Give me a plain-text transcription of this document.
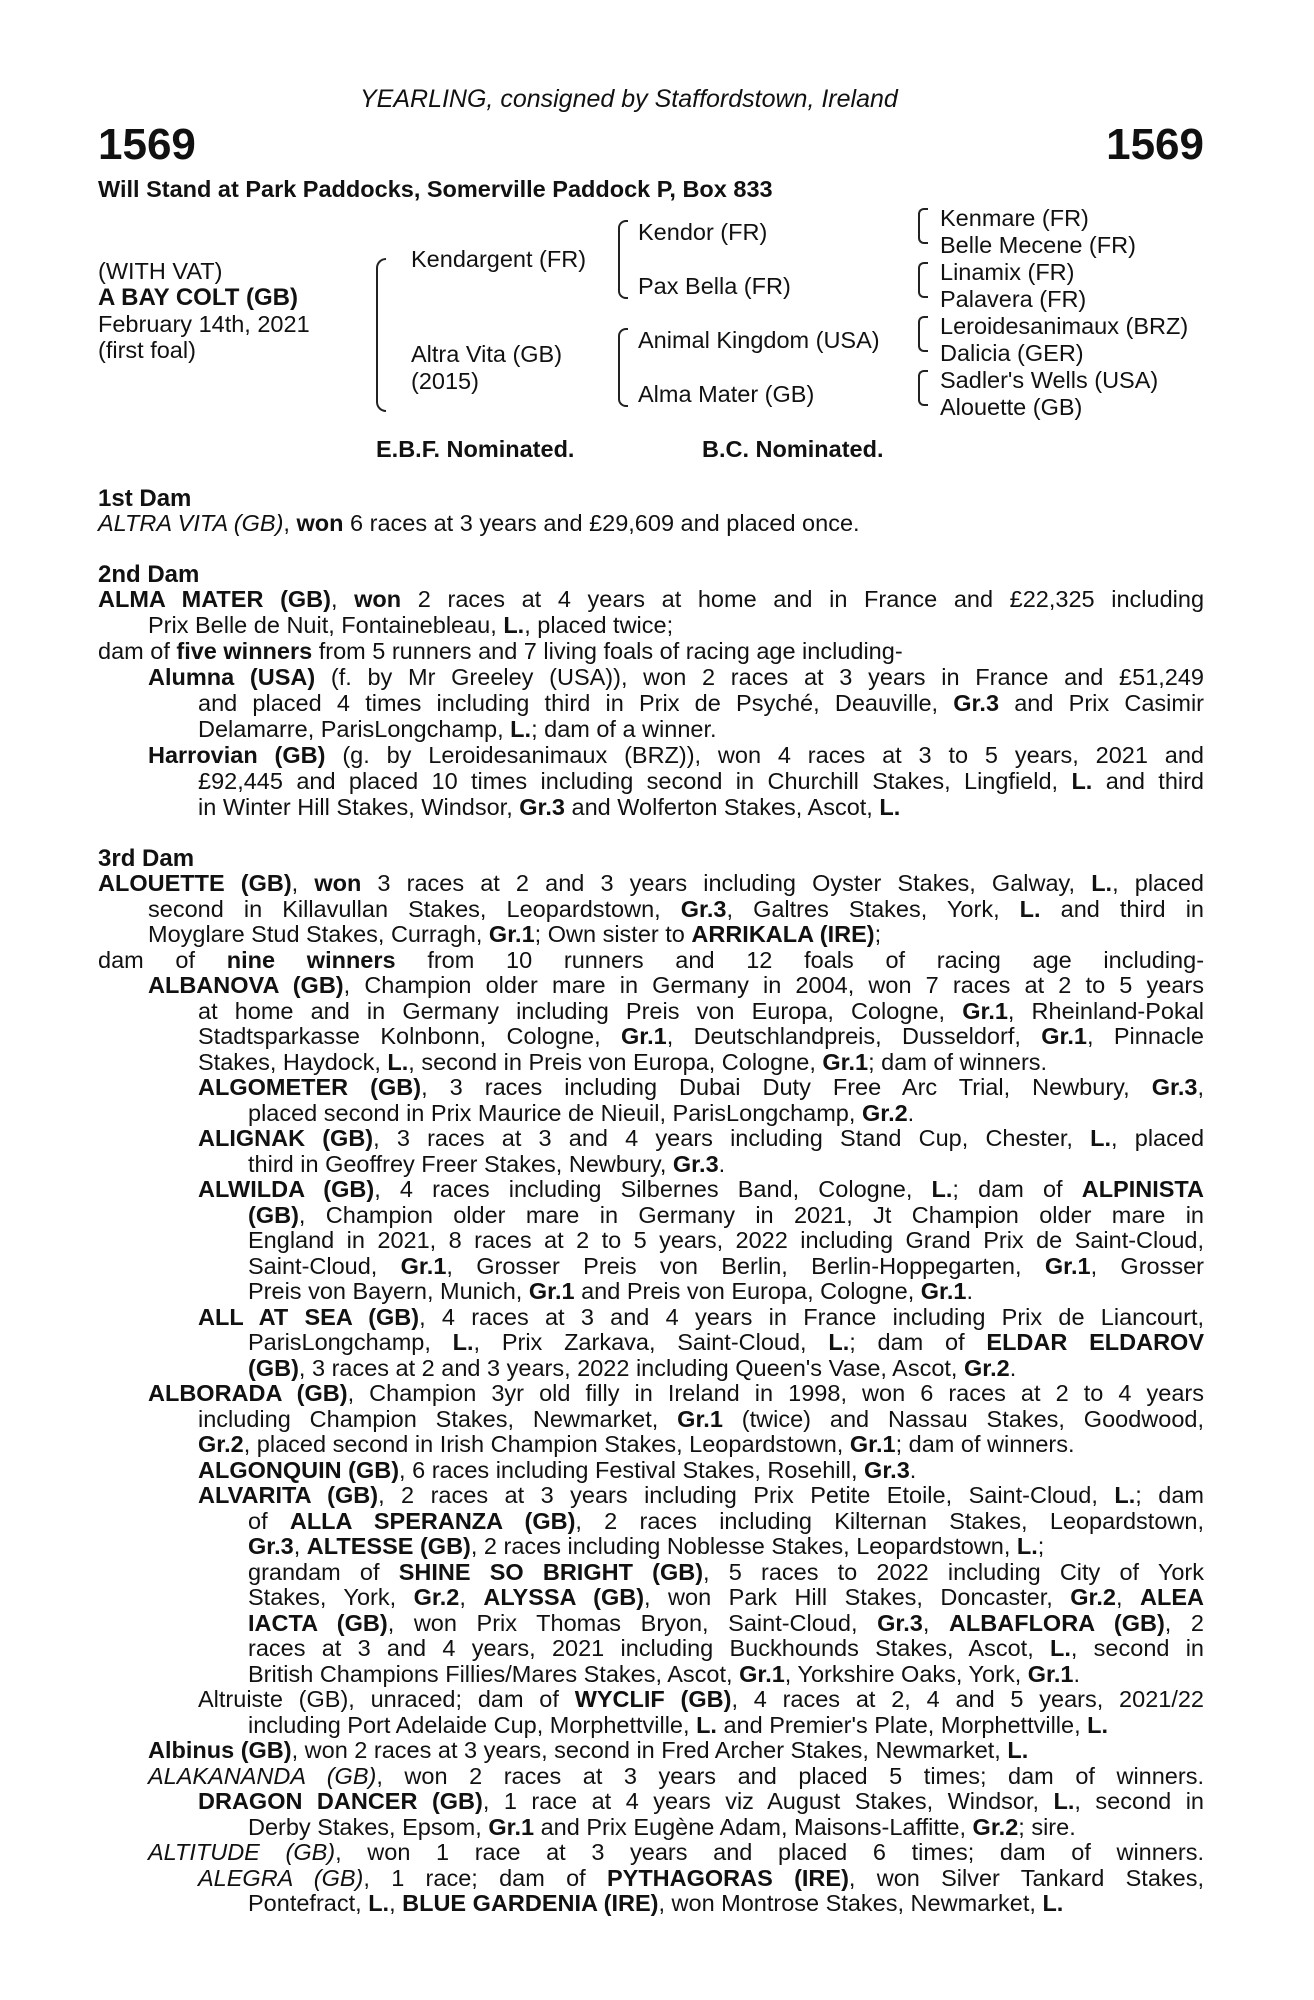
YEARLING, consigned by Staffordstown, Ireland
1569	1569
Will Stand at Park Paddocks, Somerville Paddock P, Box 833
(WITH VAT)
A BAY COLT (GB)
February 14th, 2021
(first foal)
Kendargent (FR)
Altra Vita (GB)
(2015)
Kendor (FR)
Pax Bella (FR)
Animal Kingdom (USA)
Alma Mater (GB)
Kenmare (FR)
Belle Mecene (FR)
Linamix (FR)
Palavera (FR)
Leroidesanimaux (BRZ)
Dalicia (GER)
Sadler's Wells (USA)
Alouette (GB)
E.B.F. Nominated.	B.C. Nominated.
1st Dam
ALTRA VITA (GB), won 6 races at 3 years and £29,609 and placed once.
2nd Dam
ALMA MATER (GB), won 2 races at 4 years at home and in France and £22,325 including
Prix Belle de Nuit, Fontainebleau, L., placed twice;
dam of five winners from 5 runners and 7 living foals of racing age including-
Alumna (USA) (f. by Mr Greeley (USA)), won 2 races at 3 years in France and £51,249
and placed 4 times including third in Prix de Psyché, Deauville, Gr.3 and Prix Casimir
Delamarre, ParisLongchamp, L.; dam of a winner.
Harrovian (GB) (g. by Leroidesanimaux (BRZ)), won 4 races at 3 to 5 years, 2021 and
£92,445 and placed 10 times including second in Churchill Stakes, Lingfield, L. and third
in Winter Hill Stakes, Windsor, Gr.3 and Wolferton Stakes, Ascot, L.
3rd Dam
ALOUETTE (GB), won 3 races at 2 and 3 years including Oyster Stakes, Galway, L., placed
second in Killavullan Stakes, Leopardstown, Gr.3, Galtres Stakes, York, L. and third in
Moyglare Stud Stakes, Curragh, Gr.1; Own sister to ARRIKALA (IRE);
dam of nine winners from 10 runners and 12 foals of racing age including-
ALBANOVA (GB), Champion older mare in Germany in 2004, won 7 races at 2 to 5 years
at home and in Germany including Preis von Europa, Cologne, Gr.1, Rheinland-Pokal
Stadtsparkasse Kolnbonn, Cologne, Gr.1, Deutschlandpreis, Dusseldorf, Gr.1, Pinnacle
Stakes, Haydock, L., second in Preis von Europa, Cologne, Gr.1; dam of winners.
ALGOMETER (GB), 3 races including Dubai Duty Free Arc Trial, Newbury, Gr.3,
placed second in Prix Maurice de Nieuil, ParisLongchamp, Gr.2.
ALIGNAK (GB), 3 races at 3 and 4 years including Stand Cup, Chester, L., placed
third in Geoffrey Freer Stakes, Newbury, Gr.3.
ALWILDA (GB), 4 races including Silbernes Band, Cologne, L.; dam of ALPINISTA
(GB), Champion older mare in Germany in 2021, Jt Champion older mare in
England in 2021, 8 races at 2 to 5 years, 2022 including Grand Prix de Saint-Cloud,
Saint-Cloud, Gr.1, Grosser Preis von Berlin, Berlin-Hoppegarten, Gr.1, Grosser
Preis von Bayern, Munich, Gr.1 and Preis von Europa, Cologne, Gr.1.
ALL AT SEA (GB), 4 races at 3 and 4 years in France including Prix de Liancourt,
ParisLongchamp, L., Prix Zarkava, Saint-Cloud, L.; dam of ELDAR ELDAROV
(GB), 3 races at 2 and 3 years, 2022 including Queen's Vase, Ascot, Gr.2.
ALBORADA (GB), Champion 3yr old filly in Ireland in 1998, won 6 races at 2 to 4 years
including Champion Stakes, Newmarket, Gr.1 (twice) and Nassau Stakes, Goodwood,
Gr.2, placed second in Irish Champion Stakes, Leopardstown, Gr.1; dam of winners.
ALGONQUIN (GB), 6 races including Festival Stakes, Rosehill, Gr.3.
ALVARITA (GB), 2 races at 3 years including Prix Petite Etoile, Saint-Cloud, L.; dam
of ALLA SPERANZA (GB), 2 races including Kilternan Stakes, Leopardstown,
Gr.3, ALTESSE (GB), 2 races including Noblesse Stakes, Leopardstown, L.;
grandam of SHINE SO BRIGHT (GB), 5 races to 2022 including City of York
Stakes, York, Gr.2, ALYSSA (GB), won Park Hill Stakes, Doncaster, Gr.2, ALEA
IACTA (GB), won Prix Thomas Bryon, Saint-Cloud, Gr.3, ALBAFLORA (GB), 2
races at 3 and 4 years, 2021 including Buckhounds Stakes, Ascot, L., second in
British Champions Fillies/Mares Stakes, Ascot, Gr.1, Yorkshire Oaks, York, Gr.1.
Altruiste (GB), unraced; dam of WYCLIF (GB), 4 races at 2, 4 and 5 years, 2021/22
including Port Adelaide Cup, Morphettville, L. and Premier's Plate, Morphettville, L.
Albinus (GB), won 2 races at 3 years, second in Fred Archer Stakes, Newmarket, L.
ALAKANANDA (GB), won 2 races at 3 years and placed 5 times; dam of winners.
DRAGON DANCER (GB), 1 race at 4 years viz August Stakes, Windsor, L., second in
Derby Stakes, Epsom, Gr.1 and Prix Eugène Adam, Maisons-Laffitte, Gr.2; sire.
ALTITUDE (GB), won 1 race at 3 years and placed 6 times; dam of winners.
ALEGRA (GB), 1 race; dam of PYTHAGORAS (IRE), won Silver Tankard Stakes,
Pontefract, L., BLUE GARDENIA (IRE), won Montrose Stakes, Newmarket, L.
